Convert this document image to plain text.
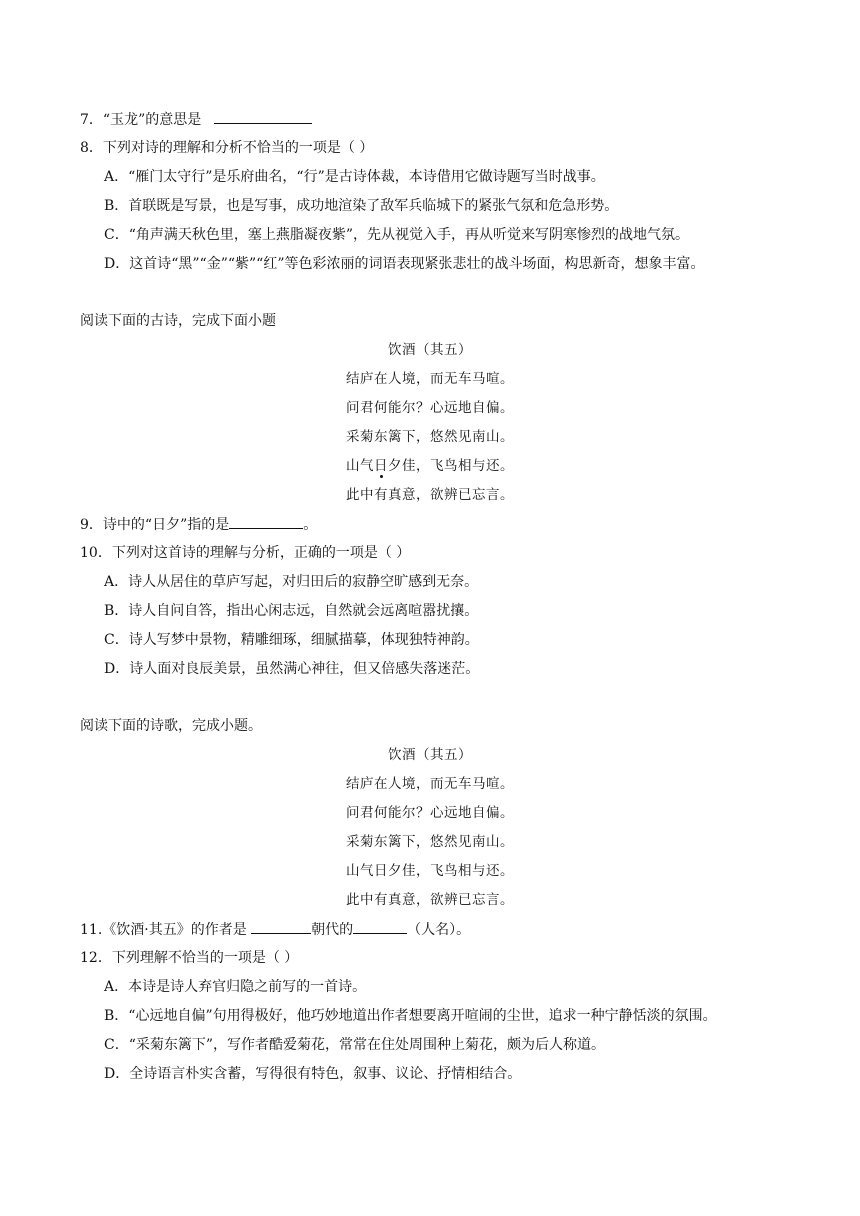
7．“玉龙”的意思是
8．下列对诗的理解和分析不恰当的一项是（ ）
A．“雁门太守行”是乐府曲名，“行”是古诗体裁，本诗借用它做诗题写当时战事。
B．首联既是写景，也是写事，成功地渲染了敌军兵临城下的紧张气氛和危急形势。
C．“角声满天秋色里，塞上燕脂凝夜紫”，先从视觉入手，再从听觉来写阴寒惨烈的战地气氛。
D．这首诗“黑”“金”“紫”“红”等色彩浓丽的词语表现紧张悲壮的战斗场面，构思新奇，想象丰富。
阅读下面的古诗，完成下面小题
饮酒（其五）
结庐在人境，而无车马喧。
问君何能尔？心远地自偏。
采菊东篱下，悠然见南山。
山气日夕佳，飞鸟相与还。
此中有真意，欲辨已忘言。
9．诗中的“日夕”指的是	。
10．下列对这首诗的理解与分析，正确的一项是（ ）
A．诗人从居住的草庐写起，对归田后的寂静空旷感到无奈。
B．诗人自问自答，指出心闲志远，自然就会远离喧嚣扰攘。
C．诗人写梦中景物，精雕细琢，细腻描摹，体现独特神韵。
D．诗人面对良辰美景，虽然满心神往，但又倍感失落迷茫。
阅读下面的诗歌，完成小题。
饮酒（其五）
结庐在人境，而无车马喧。
问君何能尔？心远地自偏。
采菊东篱下，悠然见南山。
山气日夕佳，飞鸟相与还。
此中有真意，欲辨已忘言。
11.《饮酒·其五》的作者是	朝代的	（人名）。
12．下列理解不恰当的一项是（ ）
A．本诗是诗人弃官归隐之前写的一首诗。
B．“心远地自偏”句用得极好，他巧妙地道出作者想要离开喧闹的尘世，追求一种宁静恬淡的氛围。
C．“采菊东篱下”，写作者酷爱菊花，常常在住处周围种上菊花，颇为后人称道。
D．全诗语言朴实含蓄，写得很有特色，叙事、议论、抒情相结合。
